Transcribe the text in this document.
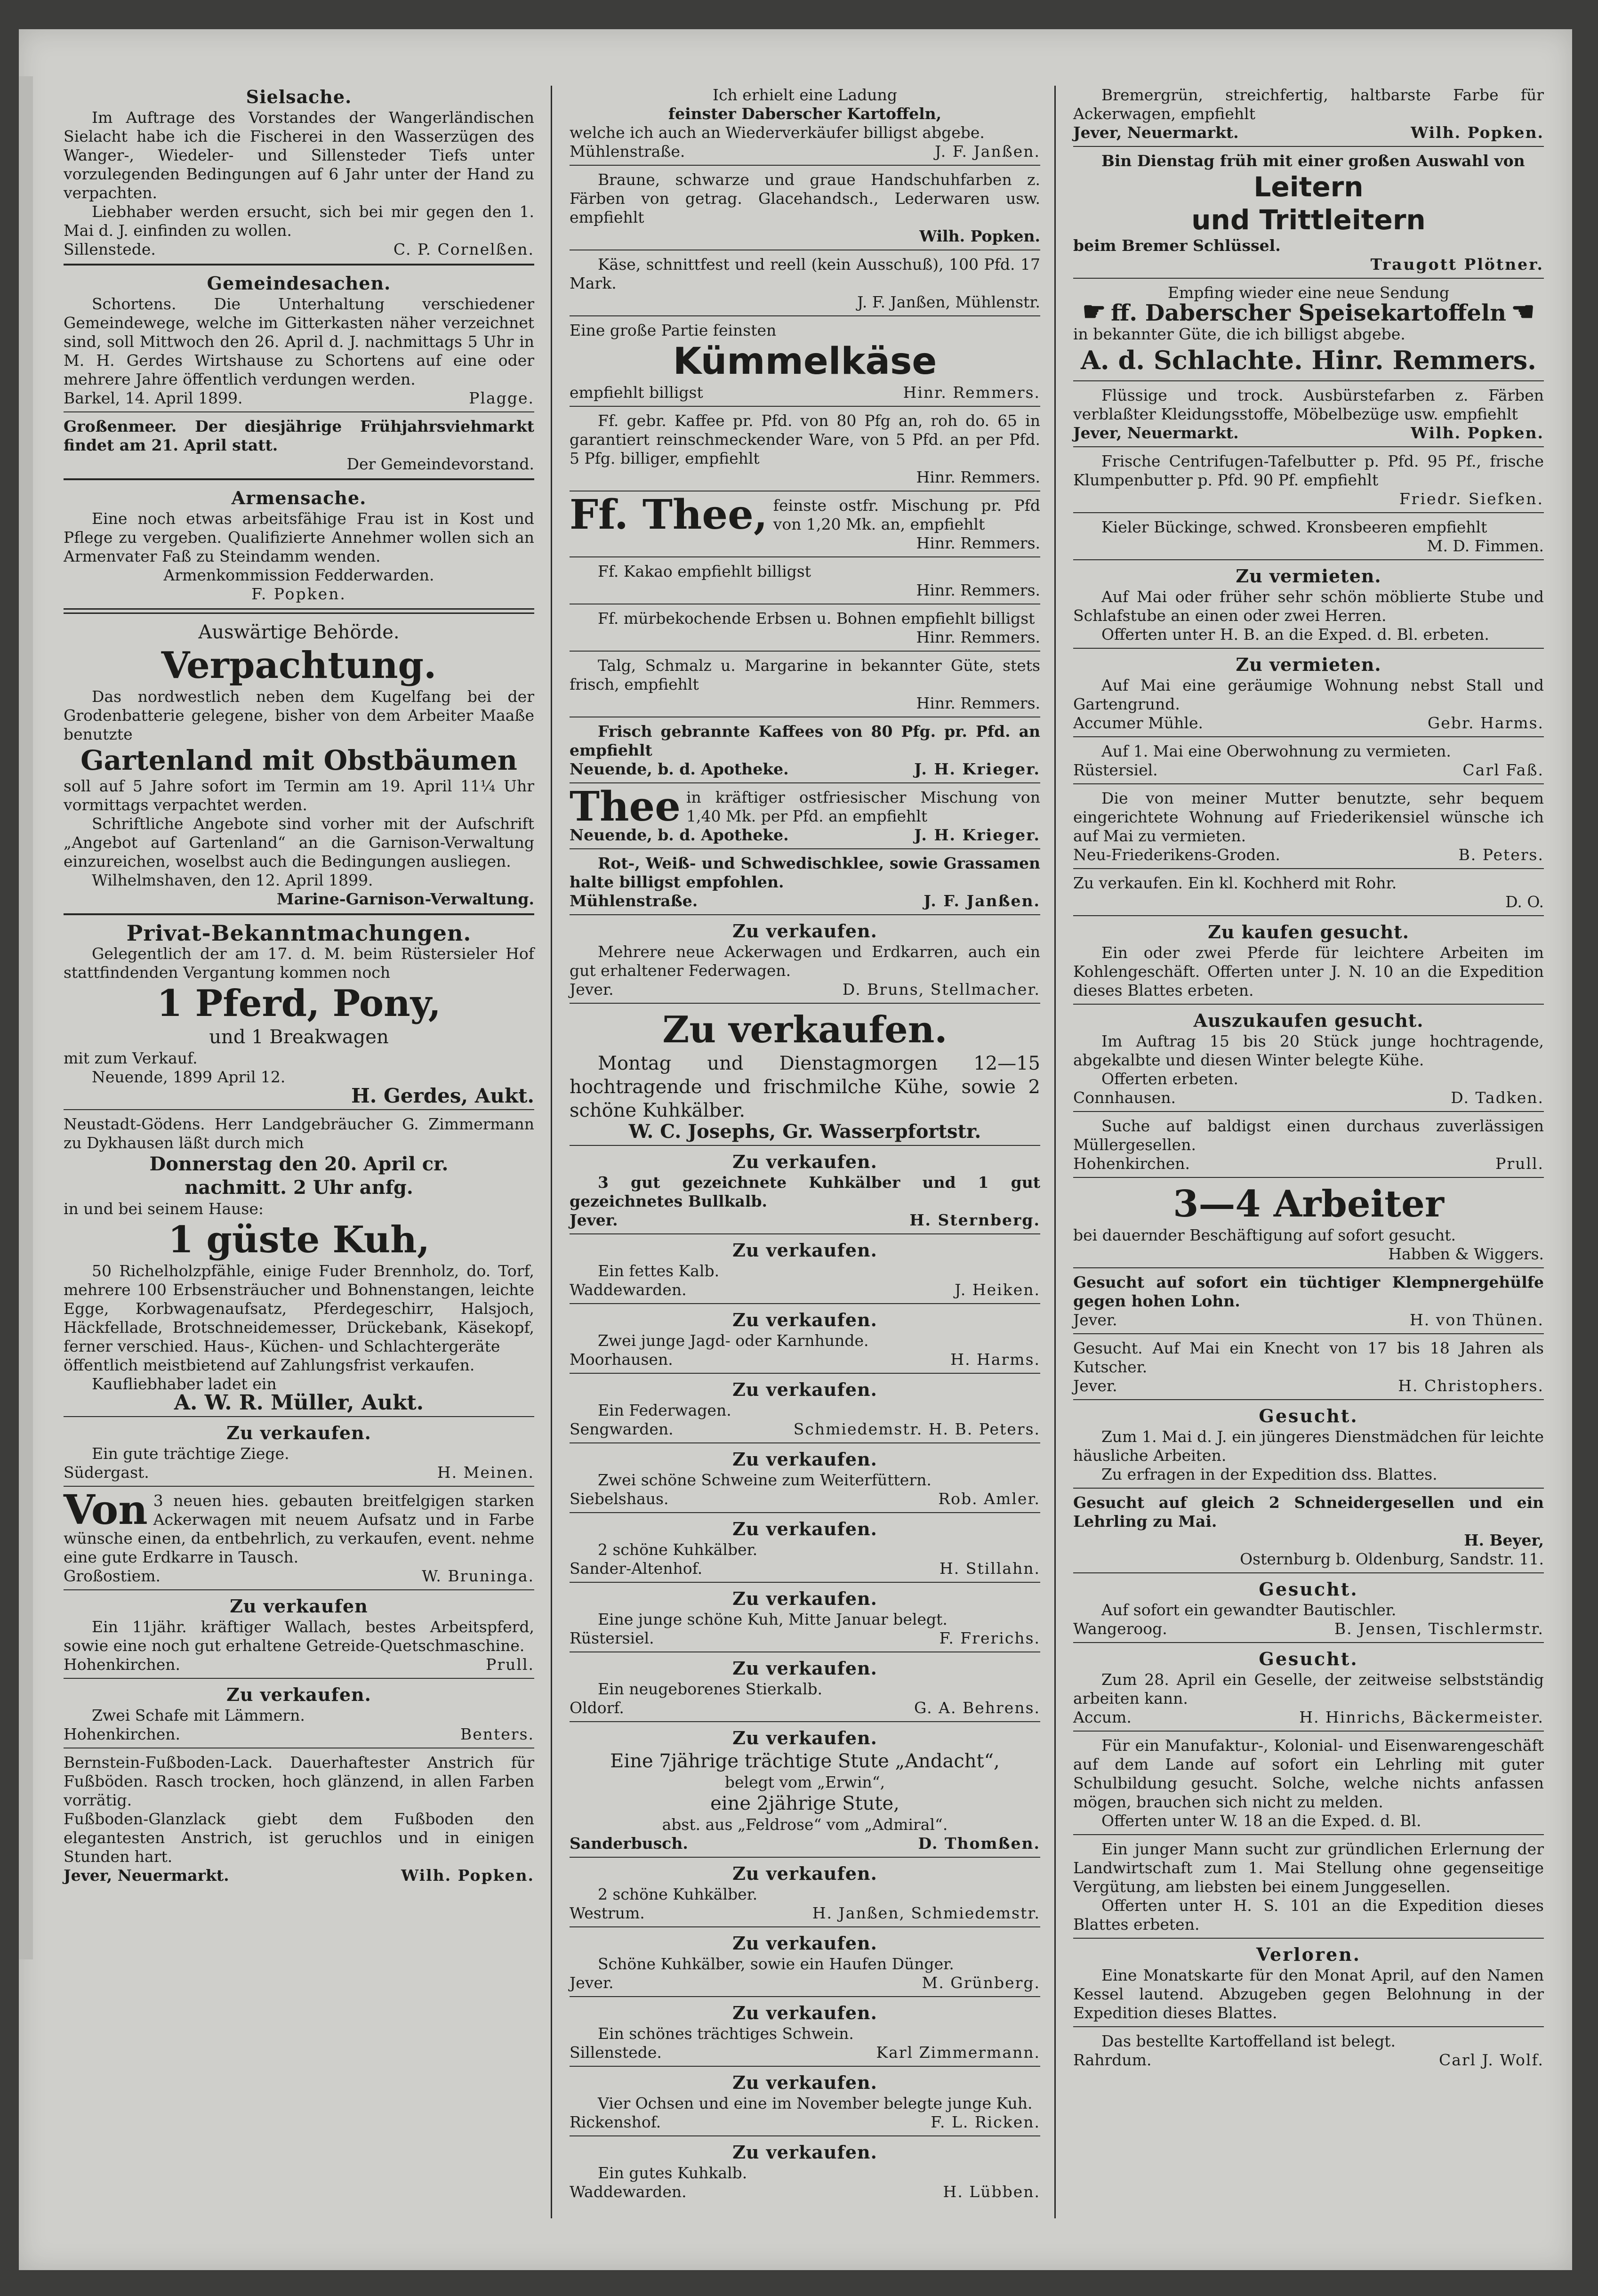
Sielsache.

Im Auftrage des Vorstandes der Wangerländischen Sielacht habe ich die Fischerei in den Wasserzügen des Wanger-, Wiedeler- und Sillensteder Tiefs unter vorzulegenden Bedingungen auf 6 Jahr unter der Hand zu verpachten.

Liebhaber werden ersucht, sich bei mir gegen den 1. Mai d. J. einfinden zu wollen.

Sillenstede.	C. P. Cornelßen.
Gemeindesachen.

Schortens. Die Unterhaltung verschiedener Gemeindewege, welche im Gitterkasten näher verzeichnet sind, soll Mittwoch den 26. April d. J. nachmittags 5 Uhr in M. H. Gerdes Wirtshause zu Schortens auf eine oder mehrere Jahre öffentlich verdungen werden.

Barkel, 14. April 1899.	Plagge.

Großenmeer. Der diesjährige Frühjahrsviehmarkt findet am 21. April statt.

Der Gemeindevorstand.
Armensache.

Eine noch etwas arbeitsfähige Frau ist in Kost und Pflege zu vergeben. Qualifizierte Annehmer wollen sich an Armenvater Faß zu Steindamm wenden.

Armenkommission Fedderwarden.
F. Popken.
Auswärtige Behörde.
Verpachtung.

Das nordwestlich neben dem Kugelfang bei der Grodenbatterie gelegene, bisher von dem Arbeiter Maaße benutzte

Gartenland mit Obstbäumen

soll auf 5 Jahre sofort im Termin am 19. April 11¼ Uhr vormittags verpachtet werden.

Schriftliche Angebote sind vorher mit der Aufschrift „Angebot auf Gartenland“ an die Garnison-Verwaltung einzureichen, woselbst auch die Bedingungen ausliegen.

Wilhelmshaven, den 12. April 1899.

Marine-Garnison-Verwaltung.
Privat-Bekanntmachungen.

Gelegentlich der am 17. d. M. beim Rüstersieler Hof stattfindenden Vergantung kommen noch

1 Pferd, Pony,
und 1 Breakwagen

mit zum Verkauf.

Neuende, 1899 April 12.

H. Gerdes, Aukt.

Neustadt-Gödens. Herr Landgebräucher G. Zimmermann zu Dykhausen läßt durch mich

Donnerstag den 20. April cr.
nachmitt. 2 Uhr anfg.

in und bei seinem Hause:

1 güste Kuh,

50 Richelholzpfähle, einige Fuder Brennholz, do. Torf, mehrere 100 Erbsensträucher und Bohnenstangen, leichte Egge, Korbwagenaufsatz, Pferdegeschirr, Halsjoch, Häckfellade, Brotschneidemesser, Drückebank, Käsekopf, ferner verschied. Haus-, Küchen- und Schlachtergeräte

öffentlich meistbietend auf Zahlungsfrist verkaufen.

Kaufliebhaber ladet ein

A. W. R. Müller, Aukt.
Zu verkaufen.

Ein gute trächtige Ziege.

Südergast.	H. Meinen.

Von 3 neuen hies. gebauten breitfelgigen starken Ackerwagen mit neuem Aufsatz und in Farbe wünsche einen, da entbehrlich, zu verkaufen, event. nehme eine gute Erdkarre in Tausch.

Großostiem.	W. Bruninga.
Zu verkaufen

Ein 11jähr. kräftiger Wallach, bestes Arbeitspferd, sowie eine noch gut erhaltene Getreide-Quetschmaschine.

Hohenkirchen.	Prull.
Zu verkaufen.

Zwei Schafe mit Lämmern.

Hohenkirchen.	Benters.

Bernstein-Fußboden-Lack. Dauerhaftester Anstrich für Fußböden. Rasch trocken, hoch glänzend, in allen Farben vorrätig.

Fußboden-Glanzlack giebt dem Fußboden den elegantesten Anstrich, ist geruchlos und in einigen Stunden hart.

Jever, Neuermarkt.	Wilh. Popken.
Ich erhielt eine Ladung
feinster Daberscher Kartoffeln,

welche ich auch an Wiederverkäufer billigst abgebe.

Mühlenstraße.	J. F. Janßen.

Braune, schwarze und graue Handschuhfarben z. Färben von getrag. Glacehandsch., Lederwaren usw. empfiehlt

Wilh. Popken.

Käse, schnittfest und reell (kein Ausschuß), 100 Pfd. 17 Mark.

J. F. Janßen, Mühlenstr.
Eine große Partie feinsten
Kümmelkäse
empfiehlt billigst	Hinr. Remmers.

Ff. gebr. Kaffee pr. Pfd. von 80 Pfg an, roh do. 65 in garantiert reinschmeckender Ware, von 5 Pfd. an per Pfd. 5 Pfg. billiger, empfiehlt

Hinr. Remmers.

Ff. Thee, feinste ostfr. Mischung pr. Pfd von 1,20 Mk. an, empfiehlt

Hinr. Remmers.

Ff. Kakao empfiehlt billigst

Hinr. Remmers.

Ff. mürbekochende Erbsen u. Bohnen empfiehlt billigst

Hinr. Remmers.

Talg, Schmalz u. Margarine in bekannter Güte, stets frisch, empfiehlt

Hinr. Remmers.

Frisch gebrannte Kaffees von 80 Pfg. pr. Pfd. an empfiehlt

Neuende, b. d. Apotheke.	J. H. Krieger.

Thee in kräftiger ostfriesischer Mischung von 1,40 Mk. per Pfd. an empfiehlt

Neuende, b. d. Apotheke.	J. H. Krieger.

Rot-, Weiß- und Schwedischklee, sowie Grassamen halte billigst empfohlen.

Mühlenstraße.	J. F. Janßen.
Zu verkaufen.

Mehrere neue Ackerwagen und Erdkarren, auch ein gut erhaltener Federwagen.

Jever.	D. Bruns, Stellmacher.
Zu verkaufen.

Montag und Dienstagmorgen 12—15 hochtragende und frischmilche Kühe, sowie 2 schöne Kuhkälber.

W. C. Josephs, Gr. Wasserpfortstr.
Zu verkaufen.

3 gut gezeichnete Kuhkälber und 1 gut gezeichnetes Bullkalb.

Jever.	H. Sternberg.
Zu verkaufen.

Ein fettes Kalb.

Waddewarden.	J. Heiken.
Zu verkaufen.

Zwei junge Jagd- oder Karnhunde.

Moorhausen.	H. Harms.
Zu verkaufen.

Ein Federwagen.

Sengwarden.	Schmiedemstr. H. B. Peters.
Zu verkaufen.

Zwei schöne Schweine zum Weiterfüttern.

Siebelshaus.	Rob. Amler.
Zu verkaufen.

2 schöne Kuhkälber.

Sander-Altenhof.	H. Stillahn.
Zu verkaufen.

Eine junge schöne Kuh, Mitte Januar belegt.

Rüstersiel.	F. Frerichs.
Zu verkaufen.

Ein neugeborenes Stierkalb.

Oldorf.	G. A. Behrens.
Zu verkaufen.
Eine 7jährige trächtige Stute „Andacht“,
belegt vom „Erwin“,
eine 2jährige Stute,
abst. aus „Feldrose“ vom „Admiral“.
Sanderbusch.	D. Thomßen.
Zu verkaufen.

2 schöne Kuhkälber.

Westrum.	H. Janßen, Schmiedemstr.
Zu verkaufen.

Schöne Kuhkälber, sowie ein Haufen Dünger.

Jever.	M. Grünberg.
Zu verkaufen.

Ein schönes trächtiges Schwein.

Sillenstede.	Karl Zimmermann.
Zu verkaufen.

Vier Ochsen und eine im November belegte junge Kuh.

Rickenshof.	F. L. Ricken.
Zu verkaufen.

Ein gutes Kuhkalb.

Waddewarden.	H. Lübben.

Bremergrün, streichfertig, haltbarste Farbe für Ackerwagen, empfiehlt

Jever, Neuermarkt.	Wilh. Popken.

Bin Dienstag früh mit einer großen Auswahl von

Leitern
und Trittleitern

beim Bremer Schlüssel.

Traugott Plötner.
Empfing wieder eine neue Sendung
☛ ff. Daberscher Speisekartoffeln ☚

in bekannter Güte, die ich billigst abgebe.

A. d. Schlachte. Hinr. Remmers.

Flüssige und trock. Ausbürstefarben z. Färben verblaßter Kleidungsstoffe, Möbelbezüge usw. empfiehlt

Jever, Neuermarkt.	Wilh. Popken.

Frische Centrifugen-Tafelbutter p. Pfd. 95 Pf., frische Klumpenbutter p. Pfd. 90 Pf. empfiehlt

Friedr. Siefken.

Kieler Bückinge, schwed. Kronsbeeren empfiehlt

M. D. Fimmen.
Zu vermieten.

Auf Mai oder früher sehr schön möblierte Stube und Schlafstube an einen oder zwei Herren.

Offerten unter H. B. an die Exped. d. Bl. erbeten.

Zu vermieten.

Auf Mai eine geräumige Wohnung nebst Stall und Gartengrund.

Accumer Mühle.	Gebr. Harms.

Auf 1. Mai eine Oberwohnung zu vermieten.

Rüstersiel.	Carl Faß.

Die von meiner Mutter benutzte, sehr bequem eingerichtete Wohnung auf Friederikensiel wünsche ich auf Mai zu vermieten.

Neu-Friederikens-Groden.	B. Peters.

Zu verkaufen. Ein kl. Kochherd mit Rohr.

D. O.
Zu kaufen gesucht.

Ein oder zwei Pferde für leichtere Arbeiten im Kohlengeschäft. Offerten unter J. N. 10 an die Expedition dieses Blattes erbeten.

Auszukaufen gesucht.

Im Auftrag 15 bis 20 Stück junge hochtragende, abgekalbte und diesen Winter belegte Kühe.

Offerten erbeten.

Connhausen.	D. Tadken.

Suche auf baldigst einen durchaus zuverlässigen Müllergesellen.

Hohenkirchen.	Prull.
3—4 Arbeiter

bei dauernder Beschäftigung auf sofort gesucht.

Habben & Wiggers.

Gesucht auf sofort ein tüchtiger Klempnergehülfe gegen hohen Lohn.

Jever.	H. von Thünen.

Gesucht. Auf Mai ein Knecht von 17 bis 18 Jahren als Kutscher.

Jever.	H. Christophers.
Gesucht.

Zum 1. Mai d. J. ein jüngeres Dienstmädchen für leichte häusliche Arbeiten.

Zu erfragen in der Expedition dss. Blattes.

Gesucht auf gleich 2 Schneidergesellen und ein Lehrling zu Mai.

H. Beyer,
Osternburg b. Oldenburg, Sandstr. 11.
Gesucht.

Auf sofort ein gewandter Bautischler.

Wangeroog.	B. Jensen, Tischlermstr.
Gesucht.

Zum 28. April ein Geselle, der zeitweise selbstständig arbeiten kann.

Accum.	H. Hinrichs, Bäckermeister.

Für ein Manufaktur-, Kolonial- und Eisenwarengeschäft auf dem Lande auf sofort ein Lehrling mit guter Schulbildung gesucht. Solche, welche nichts anfassen mögen, brauchen sich nicht zu melden.

Offerten unter W. 18 an die Exped. d. Bl.

Ein junger Mann sucht zur gründlichen Erlernung der Landwirtschaft zum 1. Mai Stellung ohne gegenseitige Vergütung, am liebsten bei einem Junggesellen.

Offerten unter H. S. 101 an die Expedition dieses Blattes erbeten.

Verloren.

Eine Monatskarte für den Monat April, auf den Namen Kessel lautend. Abzugeben gegen Belohnung in der Expedition dieses Blattes.

Das bestellte Kartoffelland ist belegt.

Rahrdum.	Carl J. Wolf.
